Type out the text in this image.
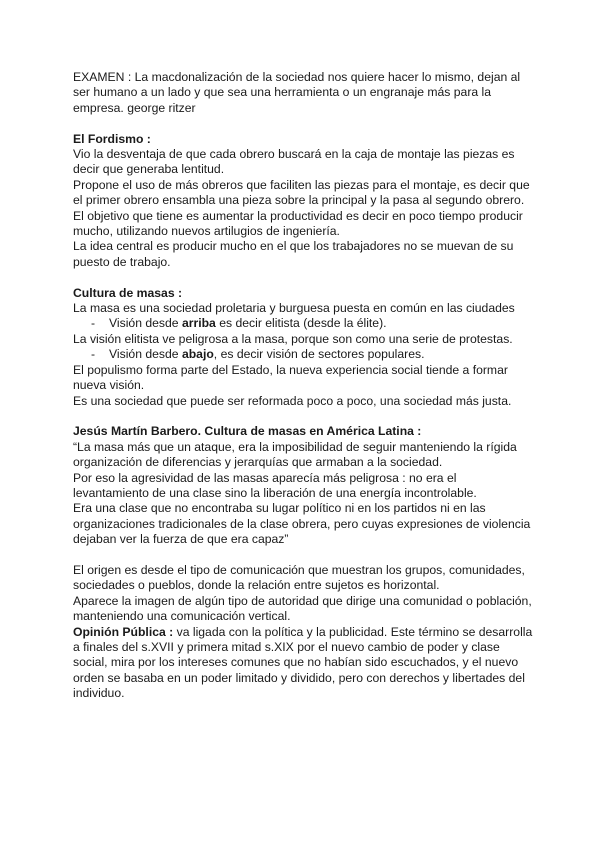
EXAMEN : La macdonalización de la sociedad nos quiere hacer lo mismo, dejan al ser humano a un lado y que sea una herramienta o un engranaje más para la empresa. george ritzer

El Fordismo :

Vio la desventaja de que cada obrero buscará en la caja de montaje las piezas es decir que generaba lentitud.

Propone el uso de más obreros que faciliten las piezas para el montaje, es decir que el primer obrero ensambla una pieza sobre la principal y la pasa al segundo obrero.

El objetivo que tiene es aumentar la productividad es decir en poco tiempo producir mucho, utilizando nuevos artilugios de ingeniería.

La idea central es producir mucho en el que los trabajadores no se muevan de su puesto de trabajo.

Cultura de masas :

La masa es una sociedad proletaria y burguesa puesta en común en las ciudades

- Visión desde arriba es decir elitista (desde la élite).

La visión elitista ve peligrosa a la masa, porque son como una serie de protestas.

- Visión desde abajo, es decir visión de sectores populares.

El populismo forma parte del Estado, la nueva experiencia social tiende a formar nueva visión.

Es una sociedad que puede ser reformada poco a poco, una sociedad más justa.

Jesús Martín Barbero. Cultura de masas en América Latina :

“La masa más que un ataque, era la imposibilidad de seguir manteniendo la rígida organización de diferencias y jerarquías que armaban a la sociedad.

Por eso la agresividad de las masas aparecía más peligrosa : no era el levantamiento de una clase sino la liberación de una energía incontrolable.

Era una clase que no encontraba su lugar político ni en los partidos ni en las organizaciones tradicionales de la clase obrera, pero cuyas expresiones de violencia dejaban ver la fuerza de que era capaz”

El origen es desde el tipo de comunicación que muestran los grupos, comunidades, sociedades o pueblos, donde la relación entre sujetos es horizontal.

Aparece la imagen de algún tipo de autoridad que dirige una comunidad o población, manteniendo una comunicación vertical.

Opinión Pública : va ligada con la política y la publicidad. Este término se desarrolla a finales del s.XVII y primera mitad s.XIX por el nuevo cambio de poder y clase social, mira por los intereses comunes que no habían sido escuchados, y el nuevo orden se basaba en un poder limitado y dividido, pero con derechos y libertades del individuo.
